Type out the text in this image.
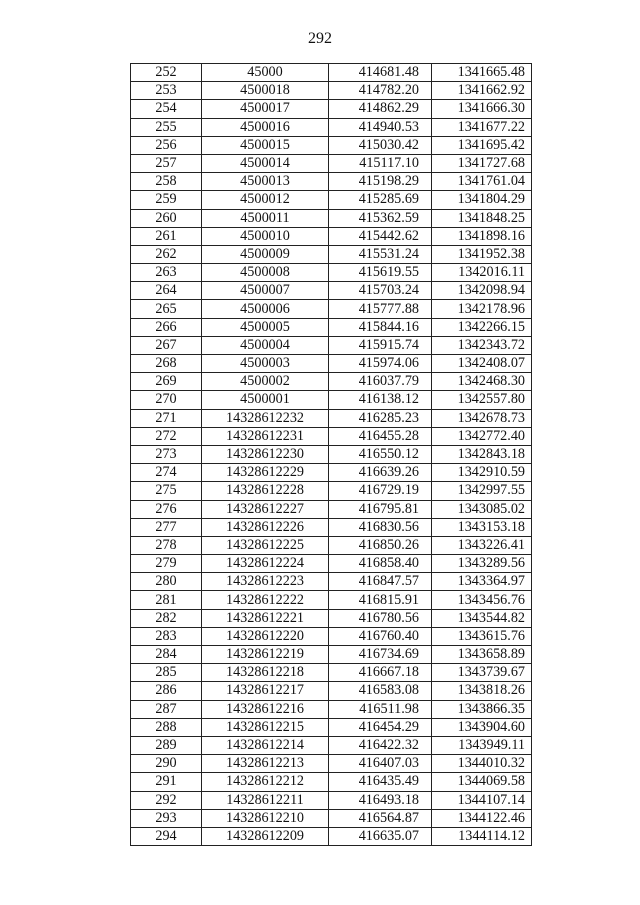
292
252	45000	414681.48	1341665.48
253	4500018	414782.20	1341662.92
254	4500017	414862.29	1341666.30
255	4500016	414940.53	1341677.22
256	4500015	415030.42	1341695.42
257	4500014	415117.10	1341727.68
258	4500013	415198.29	1341761.04
259	4500012	415285.69	1341804.29
260	4500011	415362.59	1341848.25
261	4500010	415442.62	1341898.16
262	4500009	415531.24	1341952.38
263	4500008	415619.55	1342016.11
264	4500007	415703.24	1342098.94
265	4500006	415777.88	1342178.96
266	4500005	415844.16	1342266.15
267	4500004	415915.74	1342343.72
268	4500003	415974.06	1342408.07
269	4500002	416037.79	1342468.30
270	4500001	416138.12	1342557.80
271	14328612232	416285.23	1342678.73
272	14328612231	416455.28	1342772.40
273	14328612230	416550.12	1342843.18
274	14328612229	416639.26	1342910.59
275	14328612228	416729.19	1342997.55
276	14328612227	416795.81	1343085.02
277	14328612226	416830.56	1343153.18
278	14328612225	416850.26	1343226.41
279	14328612224	416858.40	1343289.56
280	14328612223	416847.57	1343364.97
281	14328612222	416815.91	1343456.76
282	14328612221	416780.56	1343544.82
283	14328612220	416760.40	1343615.76
284	14328612219	416734.69	1343658.89
285	14328612218	416667.18	1343739.67
286	14328612217	416583.08	1343818.26
287	14328612216	416511.98	1343866.35
288	14328612215	416454.29	1343904.60
289	14328612214	416422.32	1343949.11
290	14328612213	416407.03	1344010.32
291	14328612212	416435.49	1344069.58
292	14328612211	416493.18	1344107.14
293	14328612210	416564.87	1344122.46
294	14328612209	416635.07	1344114.12
